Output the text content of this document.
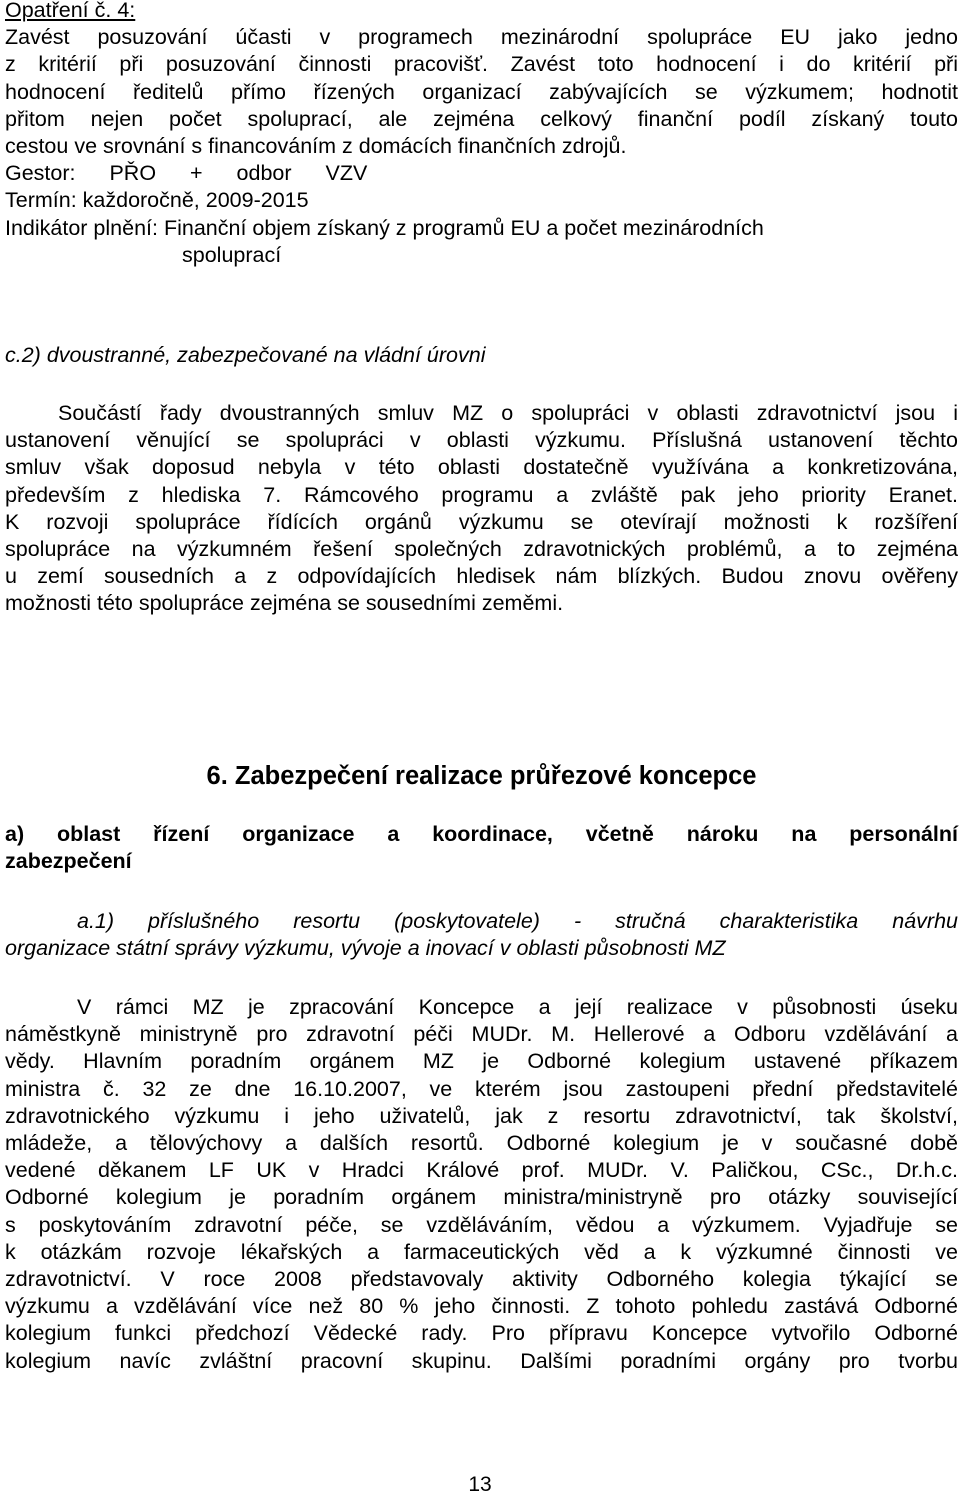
Opatření č. 4:

Zavést posuzování účasti v programech mezinárodní spolupráce EU jako jedno

z kritérií při posuzování činnosti pracovišť. Zavést toto hodnocení i do kritérií při

hodnocení ředitelů přímo řízených organizací zabývajících se výzkumem; hodnotit

přitom nejen počet spoluprací, ale zejména celkový finanční podíl získaný touto

cestou ve srovnání s financováním z domácích finančních zdrojů.

Gestor: PŘO + odbor VZV

Termín: každoročně, 2009-2015

Indikátor plnění: Finanční objem získaný z programů EU a počet mezinárodních

spoluprací

c.2) dvoustranné, zabezpečované na vládní úrovni

Součástí řady dvoustranných smluv MZ o spolupráci v oblasti zdravotnictví jsou i

ustanovení věnující se spolupráci v oblasti výzkumu. Příslušná ustanovení těchto

smluv však doposud nebyla v této oblasti dostatečně využívána a konkretizována,

především z hlediska 7. Rámcového programu a zvláště pak jeho priority Eranet.

K rozvoji spolupráce řídících orgánů výzkumu se otevírají možnosti k rozšíření

spolupráce na výzkumném řešení společných zdravotnických problémů, a to zejména

u zemí sousedních a z odpovídajících hledisek nám blízkých. Budou znovu ověřeny

možnosti této spolupráce zejména se sousedními zeměmi.

6. Zabezpečení realizace průřezové koncepce

a) oblast řízení organizace a koordinace, včetně nároku na personální

zabezpečení

a.1) příslušného resortu (poskytovatele) - stručná charakteristika návrhu

organizace státní správy výzkumu, vývoje a inovací v oblasti působnosti MZ

V rámci MZ je zpracování Koncepce a její realizace v působnosti úseku

náměstkyně ministryně pro zdravotní péči MUDr. M. Hellerové a Odboru vzdělávání a

vědy. Hlavním poradním orgánem MZ je Odborné kolegium ustavené příkazem

ministra č. 32 ze dne 16.10.2007, ve kterém jsou zastoupeni přední představitelé

zdravotnického výzkumu i jeho uživatelů, jak z resortu zdravotnictví, tak školství,

mládeže, a tělovýchovy a dalších resortů. Odborné kolegium je v současné době

vedené děkanem LF UK v Hradci Králové prof. MUDr. V. Paličkou, CSc., Dr.h.c.

Odborné kolegium je poradním orgánem ministra/ministryně pro otázky související

s poskytováním zdravotní péče, se vzděláváním, vědou a výzkumem. Vyjadřuje se

k otázkám rozvoje lékařských a farmaceutických věd a k výzkumné činnosti ve

zdravotnictví. V roce 2008 představovaly aktivity Odborného kolegia týkající se

výzkumu a vzdělávání více než 80 % jeho činnosti. Z tohoto pohledu zastává Odborné

kolegium funkci předchozí Vědecké rady. Pro přípravu Koncepce vytvořilo Odborné

kolegium navíc zvláštní pracovní skupinu. Dalšími poradními orgány pro tvorbu

13
